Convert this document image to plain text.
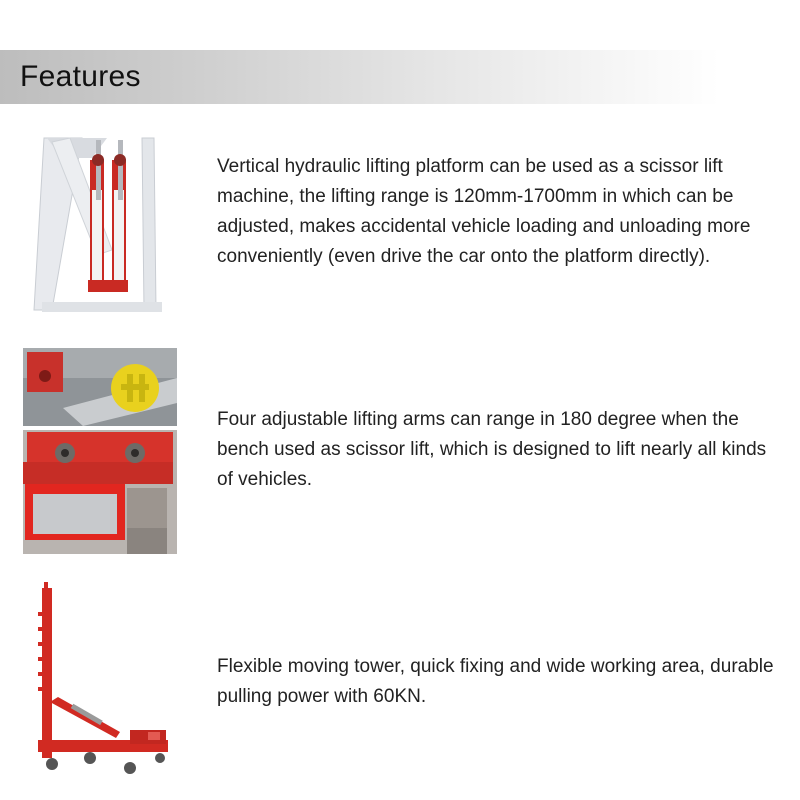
Features
Vertical hydraulic lifting platform can be used as a scissor lift machine, the lifting range is 120mm-1700mm in which can be adjusted, makes accidental vehicle loading and unloading more conveniently (even drive the car onto the platform directly).
Four adjustable lifting arms can range in 180 degree when the bench used as scissor lift, which is designed to lift nearly all kinds of vehicles.
Flexible moving tower, quick fixing and wide working area, durable pulling power with 60KN.
